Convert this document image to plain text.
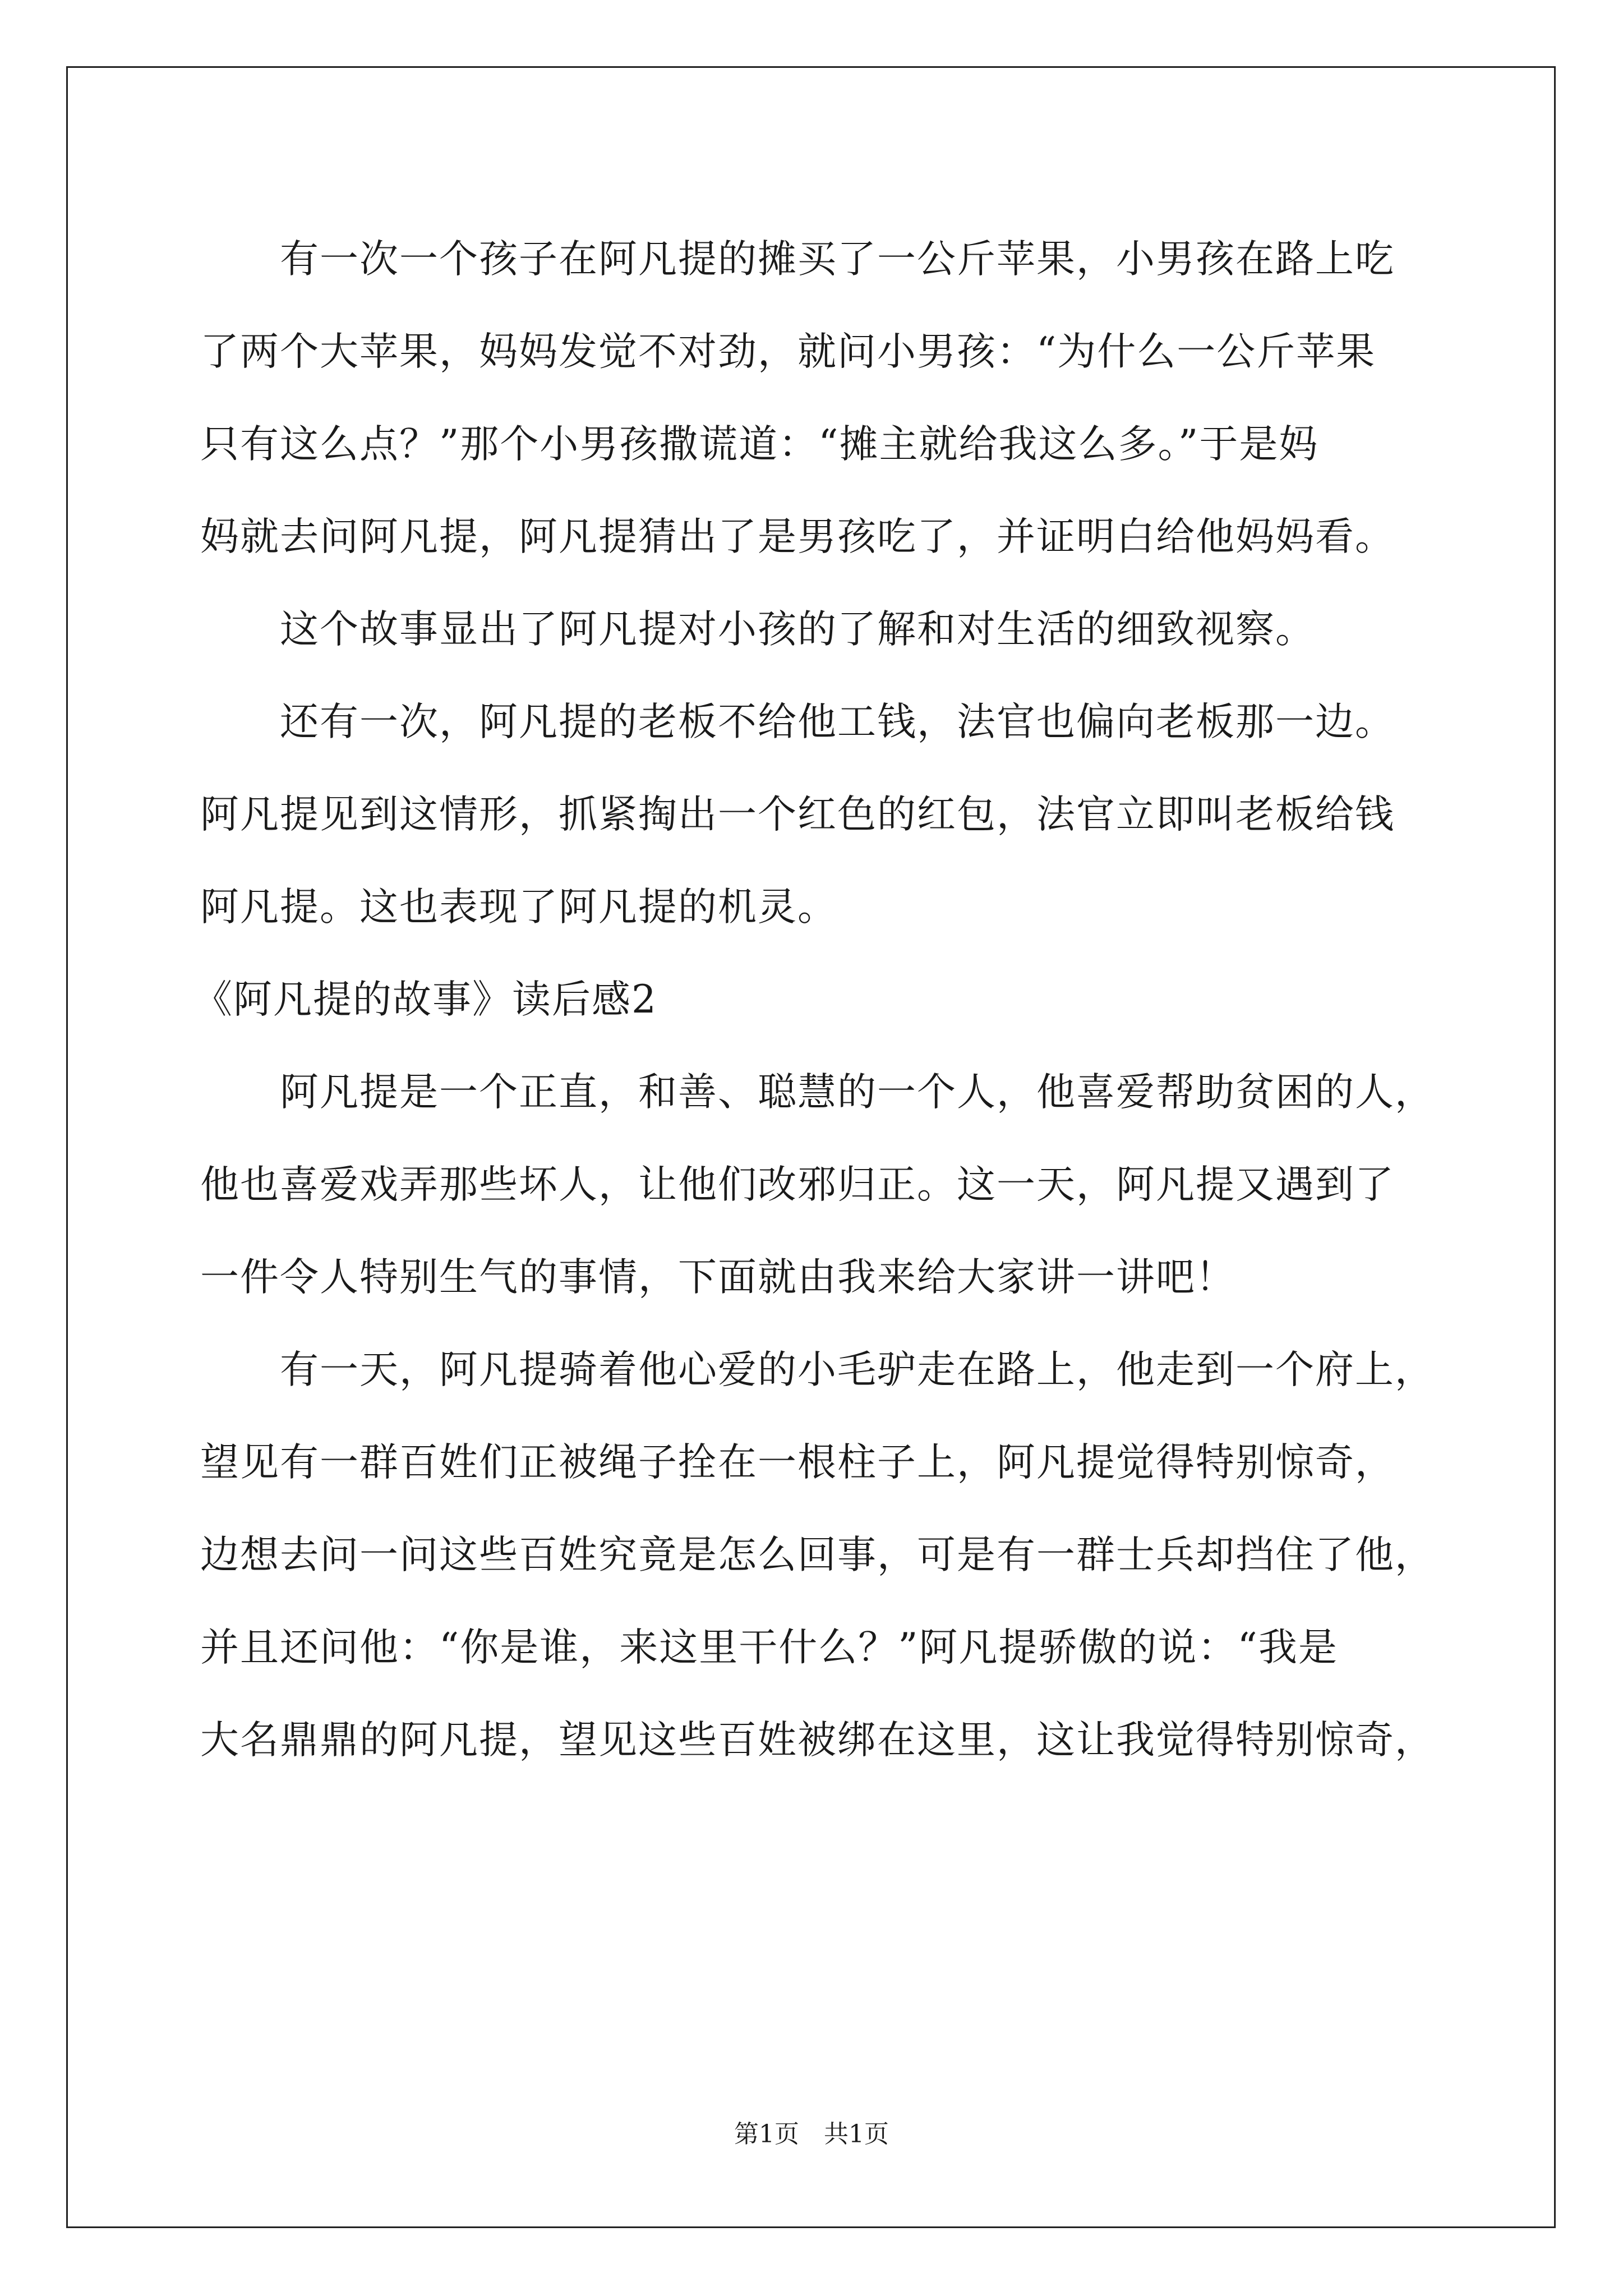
有一次一个孩子在阿凡提的摊买了一公斤苹果，小男孩在路上吃
了两个大苹果，妈妈发觉不对劲，就问小男孩：“为什么一公斤苹果
只有这么点？”那个小男孩撒谎道：“摊主就给我这么多。”于是妈
妈就去问阿凡提，阿凡提猜出了是男孩吃了，并证明白给他妈妈看。
这个故事显出了阿凡提对小孩的了解和对生活的细致视察。
还有一次，阿凡提的老板不给他工钱，法官也偏向老板那一边。
阿凡提见到这情形，抓紧掏出一个红色的红包，法官立即叫老板给钱
阿凡提。这也表现了阿凡提的机灵。
《阿凡提的故事》读后感2
阿凡提是一个正直，和善、聪慧的一个人，他喜爱帮助贫困的人，
他也喜爱戏弄那些坏人，让他们改邪归正。这一天，阿凡提又遇到了
一件令人特别生气的事情，下面就由我来给大家讲一讲吧！
有一天，阿凡提骑着他心爱的小毛驴走在路上，他走到一个府上，
望见有一群百姓们正被绳子拴在一根柱子上，阿凡提觉得特别惊奇，
边想去问一问这些百姓究竟是怎么回事，可是有一群士兵却挡住了他，
并且还问他：“你是谁，来这里干什么？”阿凡提骄傲的说：“我是
大名鼎鼎的阿凡提，望见这些百姓被绑在这里，这让我觉得特别惊奇，
第1页 共1页
